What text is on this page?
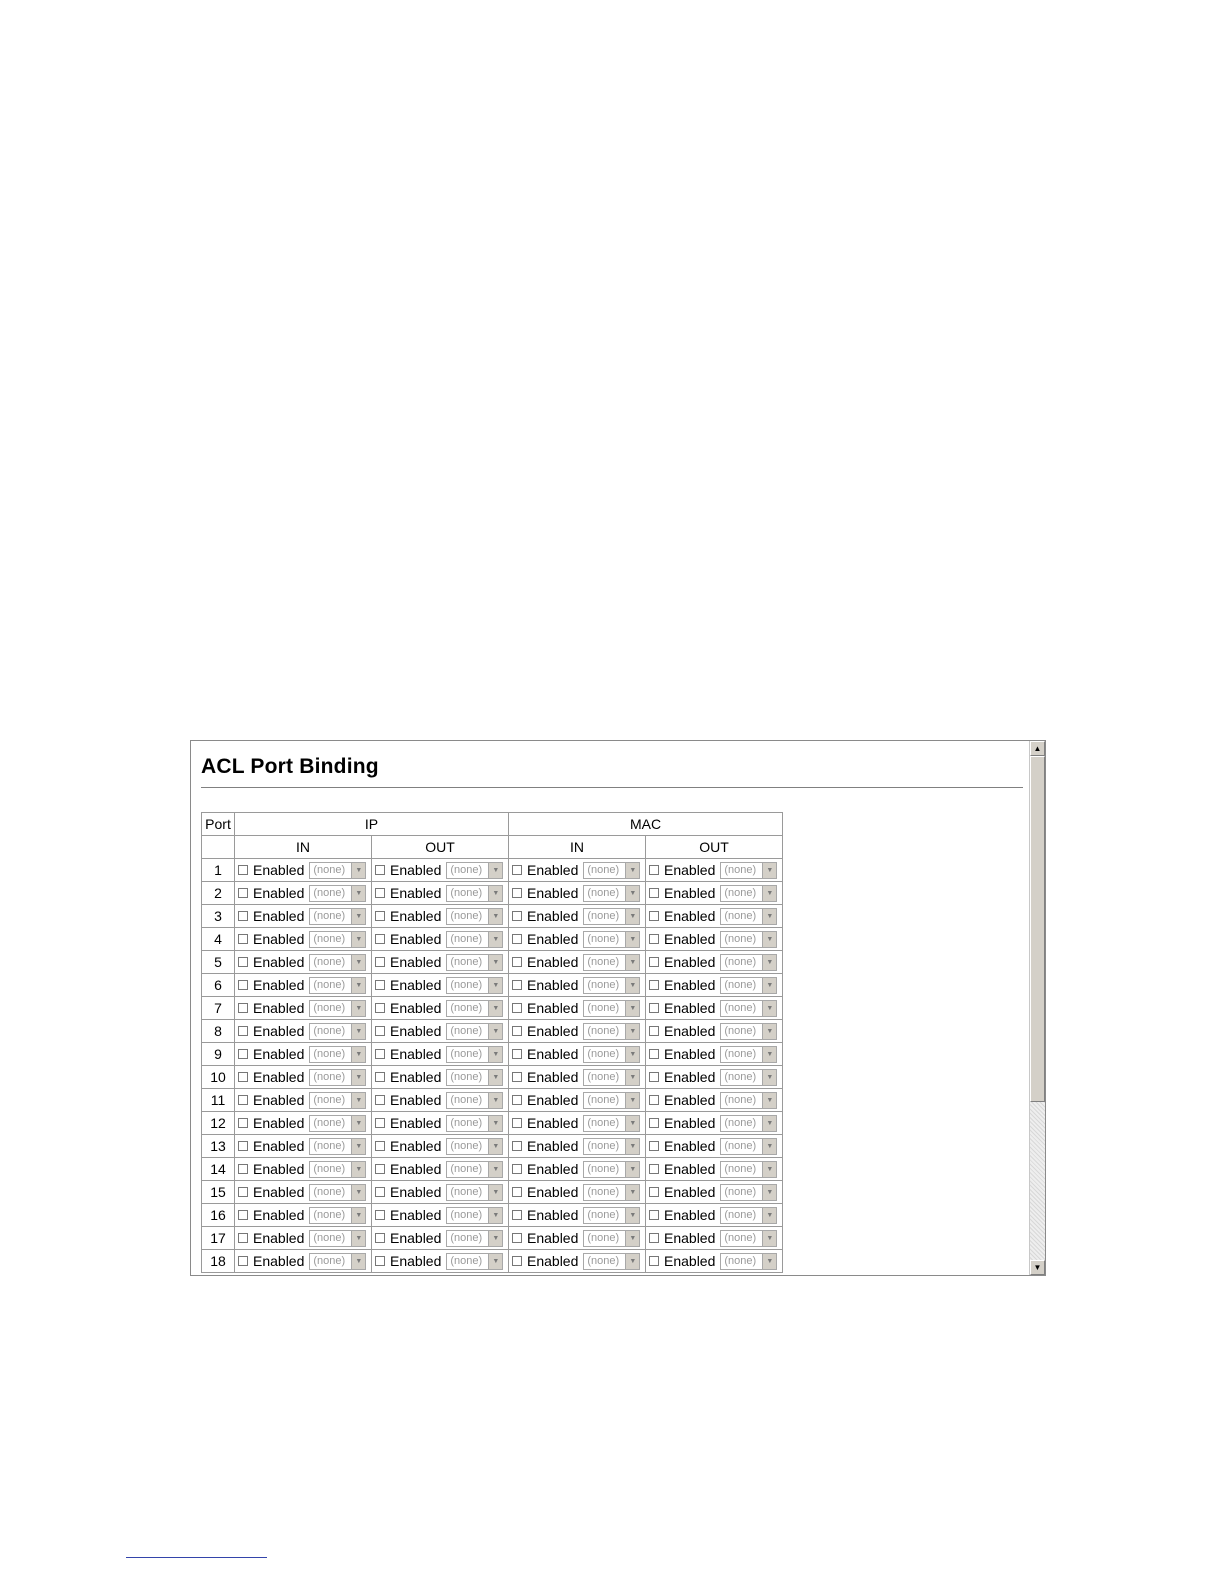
ACL Port Binding
Port	IP		MAC	
	IN	OUT	IN	OUT
1	Enabled (none) ▼	Enabled (none) ▼	Enabled (none) ▼	Enabled (none) ▼

2	Enabled (none) ▼	Enabled (none) ▼	Enabled (none) ▼	Enabled (none) ▼

3	Enabled (none) ▼	Enabled (none) ▼	Enabled (none) ▼	Enabled (none) ▼

4	Enabled (none) ▼	Enabled (none) ▼	Enabled (none) ▼	Enabled (none) ▼

5	Enabled (none) ▼	Enabled (none) ▼	Enabled (none) ▼	Enabled (none) ▼

6	Enabled (none) ▼	Enabled (none) ▼	Enabled (none) ▼	Enabled (none) ▼

7	Enabled (none) ▼	Enabled (none) ▼	Enabled (none) ▼	Enabled (none) ▼

8	Enabled (none) ▼	Enabled (none) ▼	Enabled (none) ▼	Enabled (none) ▼

9	Enabled (none) ▼	Enabled (none) ▼	Enabled (none) ▼	Enabled (none) ▼

10	Enabled (none) ▼	Enabled (none) ▼	Enabled (none) ▼	Enabled (none) ▼

11	Enabled (none) ▼	Enabled (none) ▼	Enabled (none) ▼	Enabled (none) ▼

12	Enabled (none) ▼	Enabled (none) ▼	Enabled (none) ▼	Enabled (none) ▼

13	Enabled (none) ▼	Enabled (none) ▼	Enabled (none) ▼	Enabled (none) ▼

14	Enabled (none) ▼	Enabled (none) ▼	Enabled (none) ▼	Enabled (none) ▼

15	Enabled (none) ▼	Enabled (none) ▼	Enabled (none) ▼	Enabled (none) ▼

16	Enabled (none) ▼	Enabled (none) ▼	Enabled (none) ▼	Enabled (none) ▼

17	Enabled (none) ▼	Enabled (none) ▼	Enabled (none) ▼	Enabled (none) ▼

18	Enabled (none) ▼	Enabled (none) ▼	Enabled (none) ▼	Enabled (none) ▼
▲
▼
